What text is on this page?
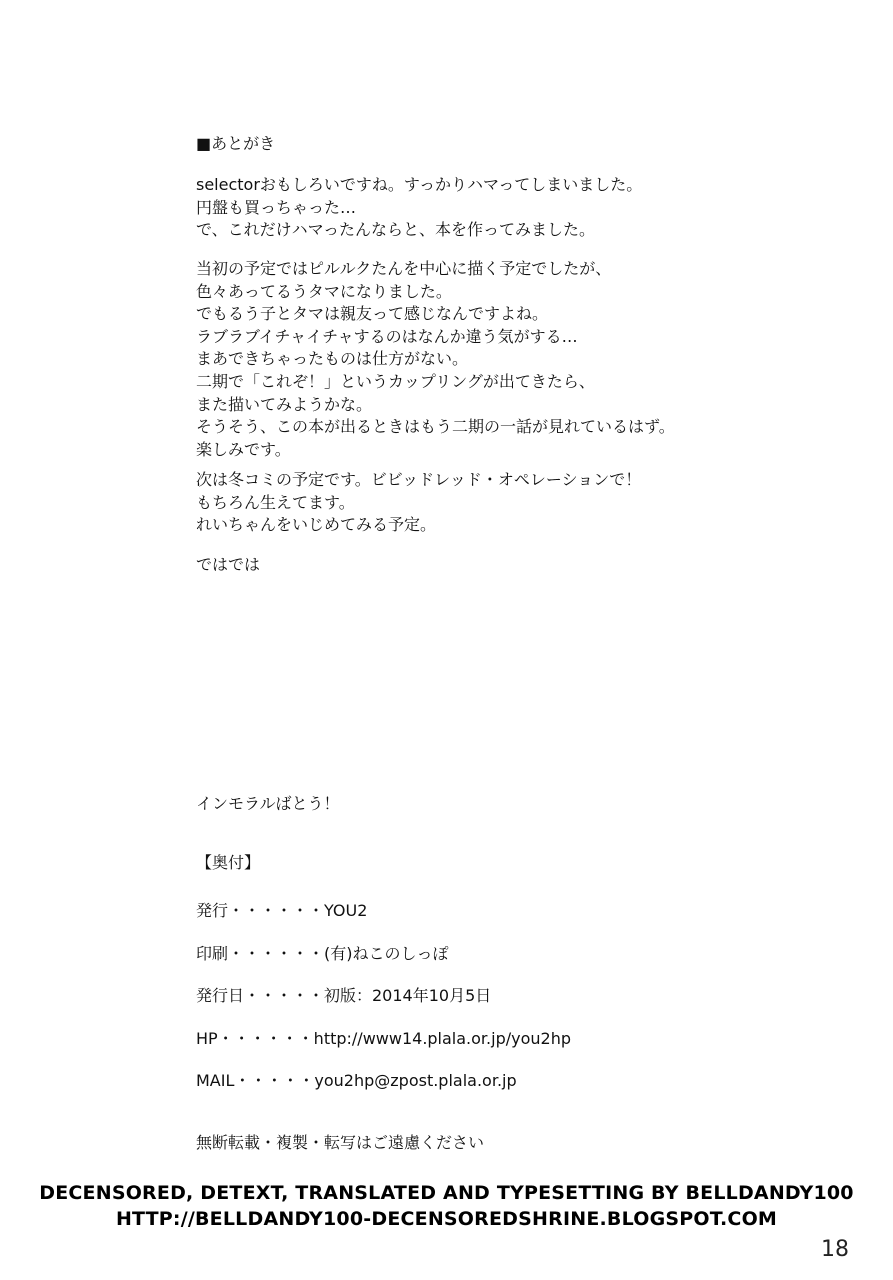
■あとがき
selectorおもしろいですね。すっかりハマってしまいました。
円盤も買っちゃった…
で、これだけハマったんならと、本を作ってみました。
当初の予定ではピルルクたんを中心に描く予定でしたが、
色々あってるうタマになりました。
でもるう子とタマは親友って感じなんですよね。
ラブラブイチャイチャするのはなんか違う気がする…
まあできちゃったものは仕方がない。
二期で「これぞ！」というカップリングが出てきたら、
また描いてみようかな。
そうそう、この本が出るときはもう二期の一話が見れているはず。
楽しみです。
次は冬コミの予定です。ビビッドレッド・オペレーションで！
もちろん生えてます。
れいちゃんをいじめてみる予定。
ではでは
インモラルばとう！
【奥付】
発行・・・・・・YOU2
印刷・・・・・・(有)ねこのしっぽ
発行日・・・・・初版：2014年10月5日
HP・・・・・・http://www14.plala.or.jp/you2hp
MAIL・・・・・you2hp@zpost.plala.or.jp
無断転載・複製・転写はご遠慮ください
DECENSORED, DETEXT, TRANSLATED AND TYPESETTING BY BELLDANDY100
HTTP://BELLDANDY100-DECENSOREDSHRINE.BLOGSPOT.COM
18
